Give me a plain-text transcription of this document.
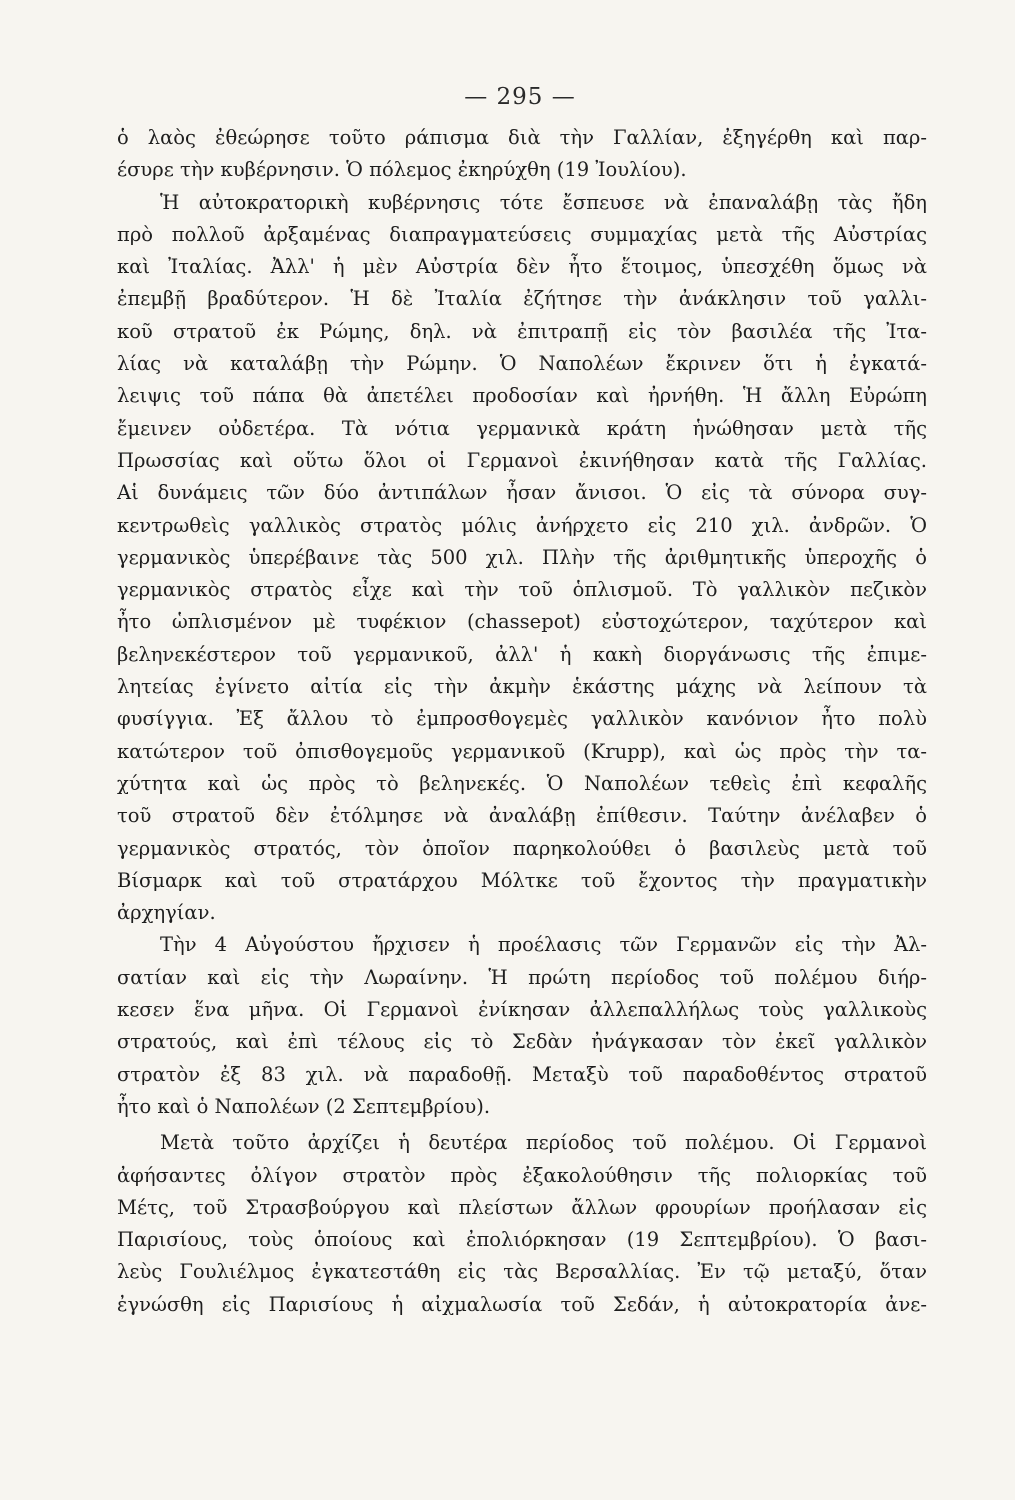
— 295 —
ὁ λαὸς ἐθεώρησε τοῦτο ράπισμα διὰ τὴν Γαλλίαν, ἐξηγέρθη καὶ παρ-
έσυρε τὴν κυβέρνησιν. Ὁ πόλεμος ἐκηρύχθη (19 Ἰουλίου).
Ἡ αὐτοκρατορικὴ κυβέρνησις τότε ἔσπευσε νὰ ἐπαναλάβῃ τὰς ἤδη
πρὸ πολλοῦ ἀρξαμένας διαπραγματεύσεις συμμαχίας μετὰ τῆς Αὐστρίας
καὶ Ἰταλίας. Ἀλλ' ἡ μὲν Αὐστρία δὲν ἦτο ἕτοιμος, ὑπεσχέθη ὅμως νὰ
ἐπεμβῇ βραδύτερον. Ἡ δὲ Ἰταλία ἐζήτησε τὴν ἀνάκλησιν τοῦ γαλλι-
κοῦ στρατοῦ ἐκ Ρώμης, δηλ. νὰ ἐπιτραπῇ εἰς τὸν βασιλέα τῆς Ἰτα-
λίας νὰ καταλάβῃ τὴν Ρώμην. Ὁ Ναπολέων ἔκρινεν ὅτι ἡ ἐγκατά-
λειψις τοῦ πάπα θὰ ἀπετέλει προδοσίαν καὶ ἠρνήθη. Ἡ ἄλλη Εὐρώπη
ἔμεινεν οὐδετέρα. Τὰ νότια γερμανικὰ κράτη ἡνώθησαν μετὰ τῆς
Πρωσσίας καὶ οὕτω ὅλοι οἱ Γερμανοὶ ἐκινήθησαν κατὰ τῆς Γαλλίας.
Αἱ δυνάμεις τῶν δύο ἀντιπάλων ἦσαν ἄνισοι. Ὁ εἰς τὰ σύνορα συγ-
κεντρωθεὶς γαλλικὸς στρατὸς μόλις ἀνήρχετο εἰς 210 χιλ. ἀνδρῶν. Ὁ
γερμανικὸς ὑπερέβαινε τὰς 500 χιλ. Πλὴν τῆς ἀριθμητικῆς ὑπεροχῆς ὁ
γερμανικὸς στρατὸς εἶχε καὶ τὴν τοῦ ὁπλισμοῦ. Τὸ γαλλικὸν πεζικὸν
ἦτο ὡπλισμένον μὲ τυφέκιον (chassepot) εὐστοχώτερον, ταχύτερον καὶ
βεληνεκέστερον τοῦ γερμανικοῦ, ἀλλ' ἡ κακὴ διοργάνωσις τῆς ἐπιμε-
λητείας ἐγίνετο αἰτία εἰς τὴν ἀκμὴν ἑκάστης μάχης νὰ λείπουν τὰ
φυσίγγια. Ἐξ ἄλλου τὸ ἐμπροσθογεμὲς γαλλικὸν κανόνιον ἦτο πολὺ
κατώτερον τοῦ ὀπισθογεμοῦς γερμανικοῦ (Krupp), καὶ ὡς πρὸς τὴν τα-
χύτητα καὶ ὡς πρὸς τὸ βεληνεκές. Ὁ Ναπολέων τεθεὶς ἐπὶ κεφαλῆς
τοῦ στρατοῦ δὲν ἐτόλμησε νὰ ἀναλάβῃ ἐπίθεσιν. Ταύτην ἀνέλαβεν ὁ
γερμανικὸς στρατός, τὸν ὁποῖον παρηκολούθει ὁ βασιλεὺς μετὰ τοῦ
Βίσμαρκ καὶ τοῦ στρατάρχου Μόλτκε τοῦ ἔχοντος τὴν πραγματικὴν
ἀρχηγίαν.
Τὴν 4 Αὐγούστου ἤρχισεν ἡ προέλασις τῶν Γερμανῶν εἰς τὴν Ἀλ-
σατίαν καὶ εἰς τὴν Λωραίνην. Ἡ πρώτη περίοδος τοῦ πολέμου διήρ-
κεσεν ἕνα μῆνα. Οἱ Γερμανοὶ ἐνίκησαν ἀλλεπαλλήλως τοὺς γαλλικοὺς
στρατούς, καὶ ἐπὶ τέλους εἰς τὸ Σεδὰν ἠνάγκασαν τὸν ἐκεῖ γαλλικὸν
στρατὸν ἐξ 83 χιλ. νὰ παραδοθῇ. Μεταξὺ τοῦ παραδοθέντος στρατοῦ
ἦτο καὶ ὁ Ναπολέων (2 Σεπτεμβρίου).
Μετὰ τοῦτο ἀρχίζει ἡ δευτέρα περίοδος τοῦ πολέμου. Οἱ Γερμανοὶ
ἀφήσαντες ὀλίγον στρατὸν πρὸς ἐξακολούθησιν τῆς πολιορκίας τοῦ
Μέτς, τοῦ Στρασβούργου καὶ πλείστων ἄλλων φρουρίων προήλασαν εἰς
Παρισίους, τοὺς ὁποίους καὶ ἐπολιόρκησαν (19 Σεπτεμβρίου). Ὁ βασι-
λεὺς Γουλιέλμος ἐγκατεστάθη εἰς τὰς Βερσαλλίας. Ἐν τῷ μεταξύ, ὅταν
ἐγνώσθη εἰς Παρισίους ἡ αἰχμαλωσία τοῦ Σεδάν, ἡ αὐτοκρατορία ἀνε-
